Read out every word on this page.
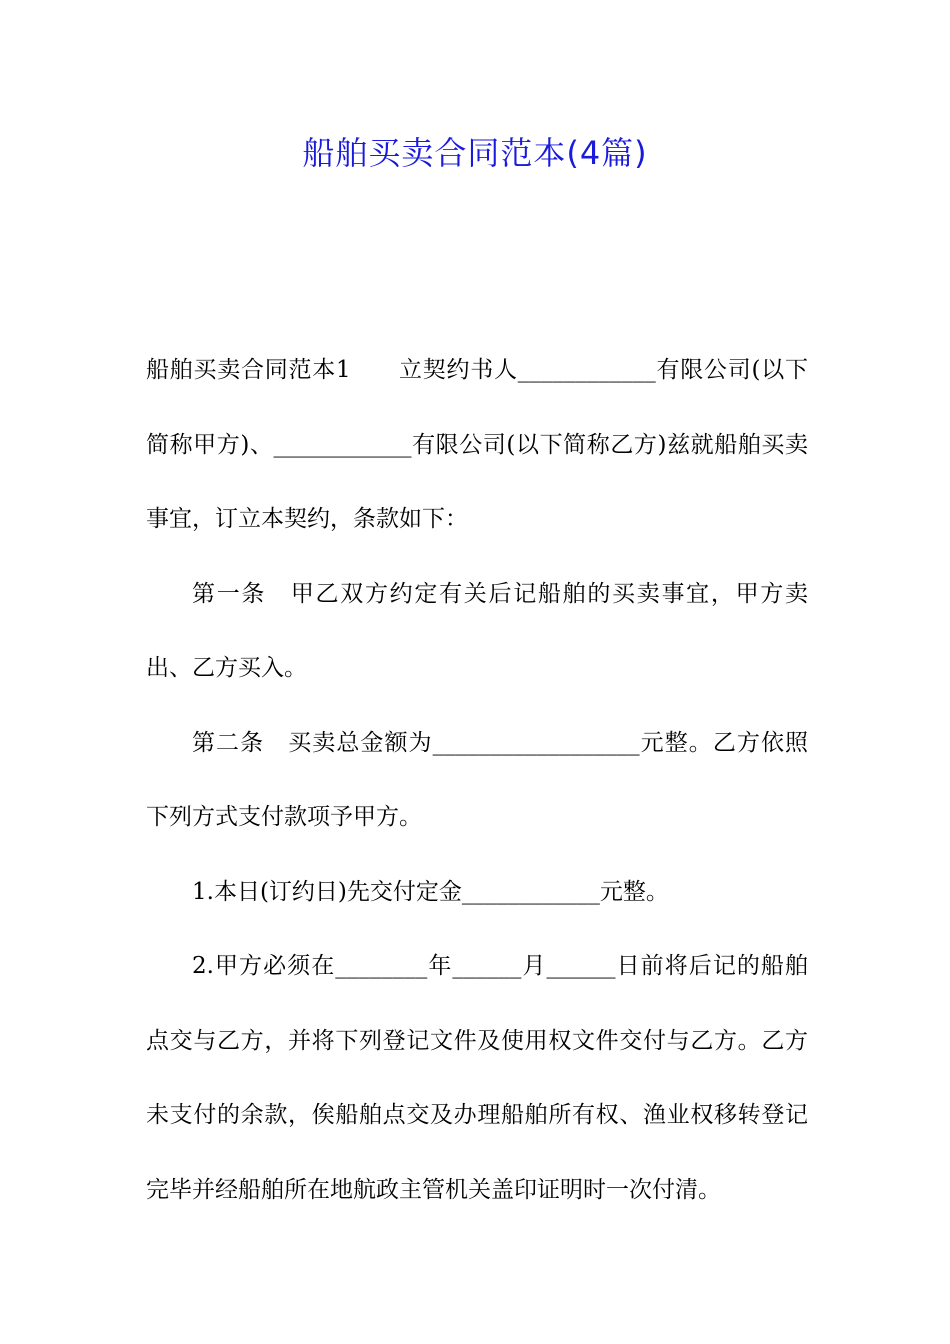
船舶买卖合同范本(4篇)

船舶买卖合同范本1　　立契约书人____________有限公司(以下简称甲方)、____________有限公司(以下简称乙方)兹就船舶买卖事宜，订立本契约，条款如下：

第一条　甲乙双方约定有关后记船舶的买卖事宜，甲方卖出、乙方买入。

第二条　买卖总金额为__________________元整。乙方依照下列方式支付款项予甲方。

1.本日(订约日)先交付定金____________元整。

2.甲方必须在________年______月______日前将后记的船舶点交与乙方，并将下列登记文件及使用权文件交付与乙方。乙方未支付的余款，俟船舶点交及办理船舶所有权、渔业权移转登记完毕并经船舶所在地航政主管机关盖印证明时一次付清。
